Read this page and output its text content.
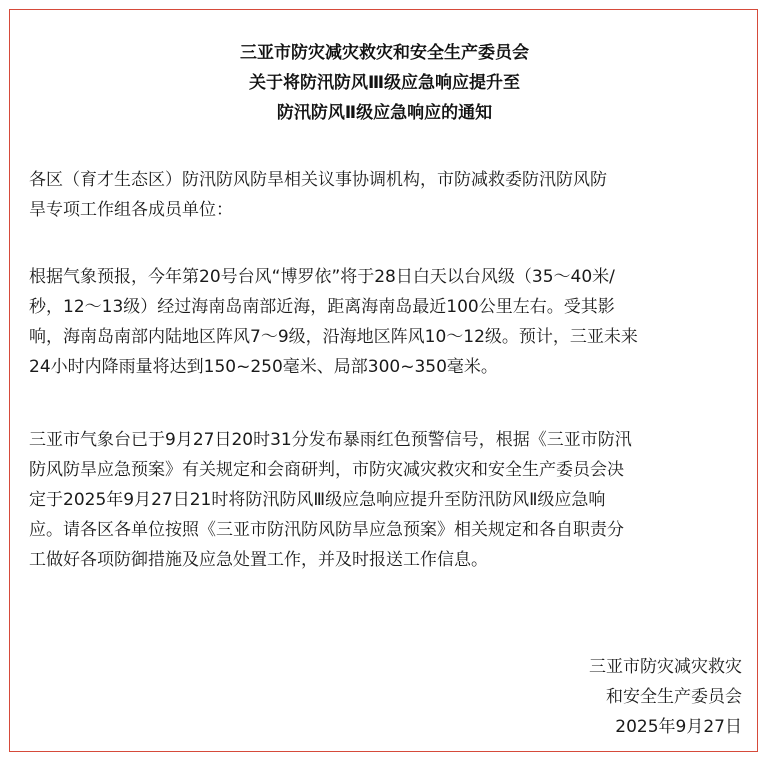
三亚市防灾减灾救灾和安全生产委员会
关于将防汛防风Ⅲ级应急响应提升至
防汛防风Ⅱ级应急响应的通知
各区（育才生态区）防汛防风防旱相关议事协调机构，市防减救委防汛防风防
旱专项工作组各成员单位：
根据气象预报，今年第20号台风“博罗依”将于28日白天以台风级（35～40米/
秒，12～13级）经过海南岛南部近海，距离海南岛最近100公里左右。受其影
响，海南岛南部内陆地区阵风7～9级，沿海地区阵风10～12级。预计，三亚未来
24小时内降雨量将达到150~250毫米、局部300~350毫米。
三亚市气象台已于9月27日20时31分发布暴雨红色预警信号，根据《三亚市防汛
防风防旱应急预案》有关规定和会商研判，市防灾减灾救灾和安全生产委员会决
定于2025年9月27日21时将防汛防风Ⅲ级应急响应提升至防汛防风Ⅱ级应急响
应。请各区各单位按照《三亚市防汛防风防旱应急预案》相关规定和各自职责分
工做好各项防御措施及应急处置工作，并及时报送工作信息。
三亚市防灾减灾救灾
和安全生产委员会
2025年9月27日
